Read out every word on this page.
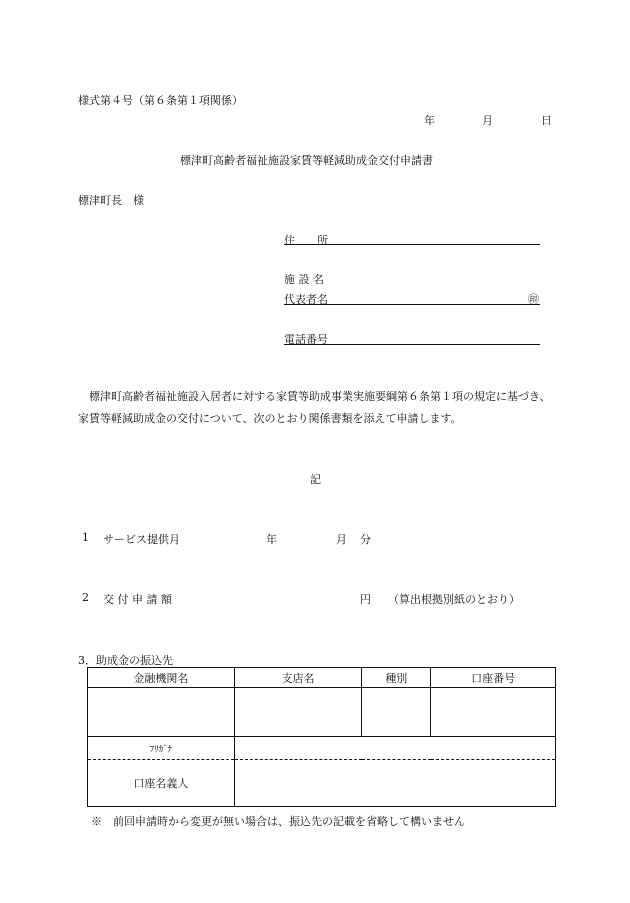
様式第４号（第６条第１項関係）
年	月	日
標津町高齢者福祉施設家賃等軽減助成金交付申請書
標津町長　様
住　　所
施 設 名
代表者名	㊞
電話番号
標津町高齢者福祉施設入居者に対する家賃等助成事業実施要綱第６条第１項の規定に基づき、家賃等軽減助成金の交付について、次のとおり関係書類を添えて申請します。
記
1 サービス提供月	年	月 分
2 交 付 申 請 額	円 （算出根拠別紙のとおり）
3．助成金の振込先
金融機関名	支店名	種別	口座番号

ﾌﾘｶﾞﾅ			
口座名義人			
※　前回申請時から変更が無い場合は、振込先の記載を省略して構いません
